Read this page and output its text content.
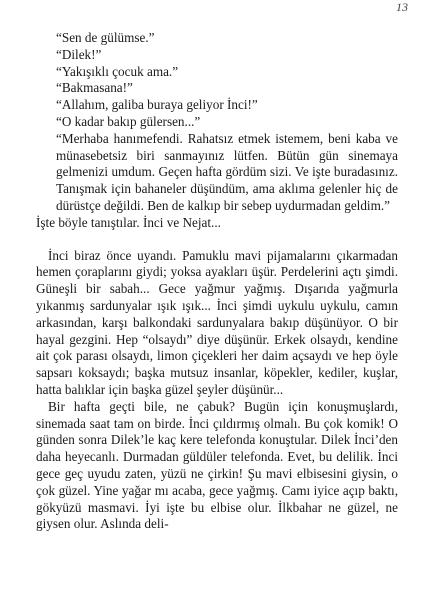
13

“Sen de gülümse.”

“Dilek!”

“Yakışıklı çocuk ama.”

“Bakmasana!”

“Allahım, galiba buraya geliyor İnci!”

“O kadar bakıp gülersen...”

“Merhaba hanımefendi. Rahatsız etmek istemem, beni kaba ve münasebetsiz biri sanmayınız lütfen. Bütün gün sinemaya gelmenizi umdum. Geçen hafta gördüm sizi. Ve işte buradasınız. Tanışmak için bahaneler düşündüm, ama aklıma gelenler hiç de dürüstçe değildi. Ben de kalkıp bir sebep uydurmadan geldim.”

İşte böyle tanıştılar. İnci ve Nejat...

İnci biraz önce uyandı. Pamuklu mavi pijamalarını çıkarmadan hemen çoraplarını giydi; yoksa ayakları üşür. Perdelerini açtı şimdi. Güneşli bir sabah... Gece yağmur yağmış. Dışarıda yağmurla yıkanmış sardunyalar ışık ışık... İnci şimdi uykulu uykulu, camın arkasından, karşı balkondaki sardunyalara bakıp düşünüyor. O bir hayal gezgini. Hep “olsaydı” diye düşünür. Erkek olsaydı, kendine ait çok parası olsaydı, limon çiçekleri her daim açsaydı ve hep öyle sapsarı koksaydı; başka mutsuz insanlar, köpekler, kediler, kuşlar, hatta balıklar için başka güzel şeyler düşünür...

Bir hafta geçti bile, ne çabuk? Bugün için konuşmuşlardı, sinemada saat tam on birde. İnci çıldırmış olmalı. Bu çok komik! O günden sonra Dilek’le kaç kere telefonda konuştular. Dilek İnci’den daha heyecanlı. Durmadan güldüler telefonda. Evet, bu delilik. İnci gece geç uyudu zaten, yüzü ne çirkin! Şu mavi elbisesini giysin, o çok güzel. Yine yağar mı acaba, gece yağmış. Camı iyice açıp baktı, gökyüzü masmavi. İyi işte bu elbise olur. İlkbahar ne güzel, ne giysen olur. Aslında deli-
